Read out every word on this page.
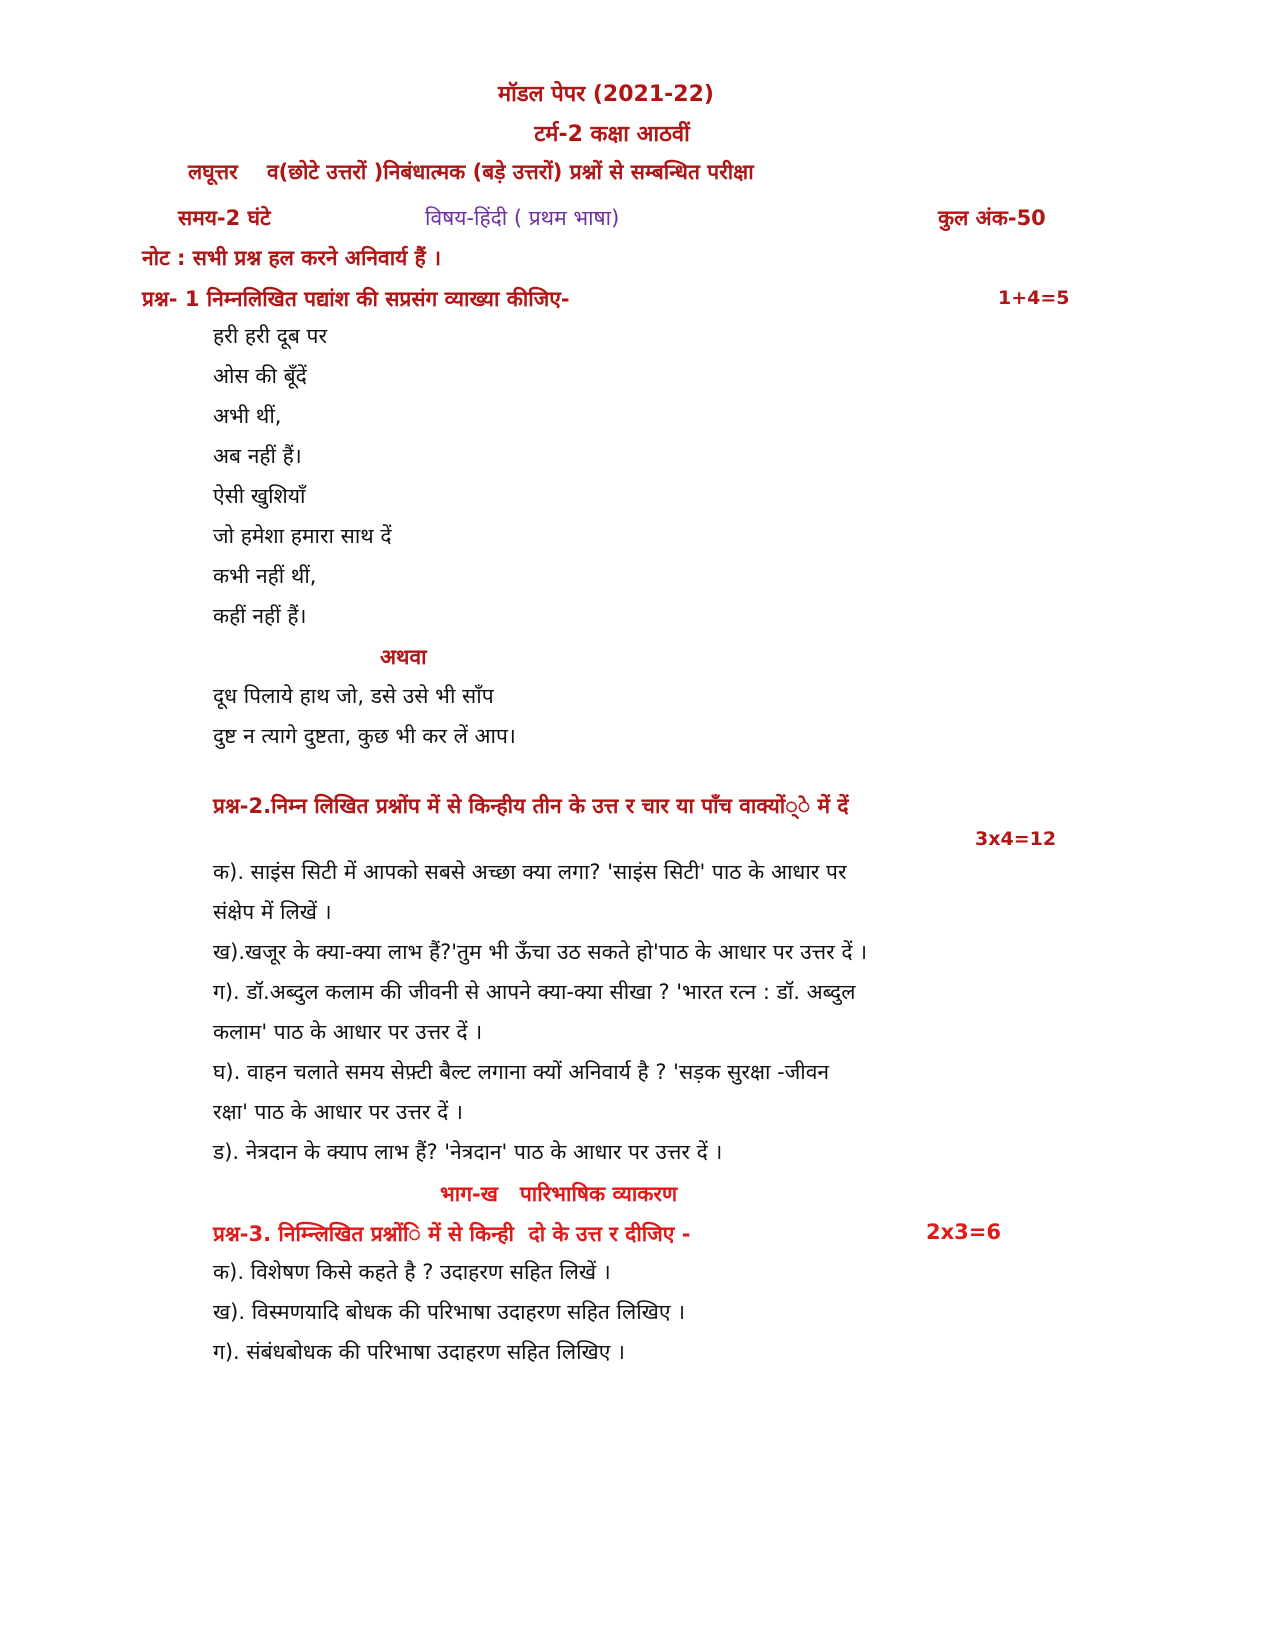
मॉडल पेपर (2021-22)
टर्म-2 कक्षा आठवीं
लघूत्तर    व(छोटे उत्तरों )निबंधात्मक (बड़े उत्तरों) प्रश्नों से सम्बन्धित परीक्षा
समय-2 घंटे	विषय-हिंदी ( प्रथम भाषा)	कुल अंक-50
नोट : सभी प्रश्न हल करने अनिवार्य हैं ।
प्रश्न- 1 निम्नलिखित पद्यांश की सप्रसंग व्याख्या कीजिए-	1+4=5
हरी हरी दूब पर
ओस की बूँदें
अभी थीं,
अब नहीं हैं।
ऐसी खुशियाँ
जो हमेशा हमारा साथ दें
कभी नहीं थीं,
कहीं नहीं हैं।
अथवा
दूध पिलाये हाथ जो, डसे उसे भी साँप
दुष्ट न त्यागे दुष्टता, कुछ भी कर लें आप।
प्रश्न-2.निम्न लिखित प्रश्नोंप में से किन्हीय तीन के उत्त र चार या पाँच वाक्यों्े में दें
3x4=12
क). साइंस सिटी में आपको सबसे अच्छा क्या लगा? 'साइंस सिटी' पाठ के आधार पर
संक्षेप में लिखें ।
ख).खजूर के क्या-क्या लाभ हैं?'तुम भी ऊँचा उठ सकते हो'पाठ के आधार पर उत्तर दें ।
ग). डॉ.अब्दुल कलाम की जीवनी से आपने क्या-क्या सीखा ? 'भारत रत्न : डॉ. अब्दुल
कलाम' पाठ के आधार पर उत्तर दें ।
घ). वाहन चलाते समय सेफ़्टी बैल्ट लगाना क्यों अनिवार्य है ? 'सड़क सुरक्षा -जीवन
रक्षा' पाठ के आधार पर उत्तर दें ।
ड). नेत्रदान के क्याप लाभ हैं? 'नेत्रदान' पाठ के आधार पर उत्तर दें ।
भाग-ख   पारिभाषिक व्याकरण
प्रश्न-3. निम्न्लिखित प्रश्नोंि में से किन्ही  दो के उत्त र दीजिए -	2x3=6
क). विशेषण किसे कहते है ? उदाहरण सहित लिखें ।
ख). विस्मणयादि बोधक की परिभाषा उदाहरण सहित लिखिए ।
ग). संबंधबोधक की परिभाषा उदाहरण सहित लिखिए ।
